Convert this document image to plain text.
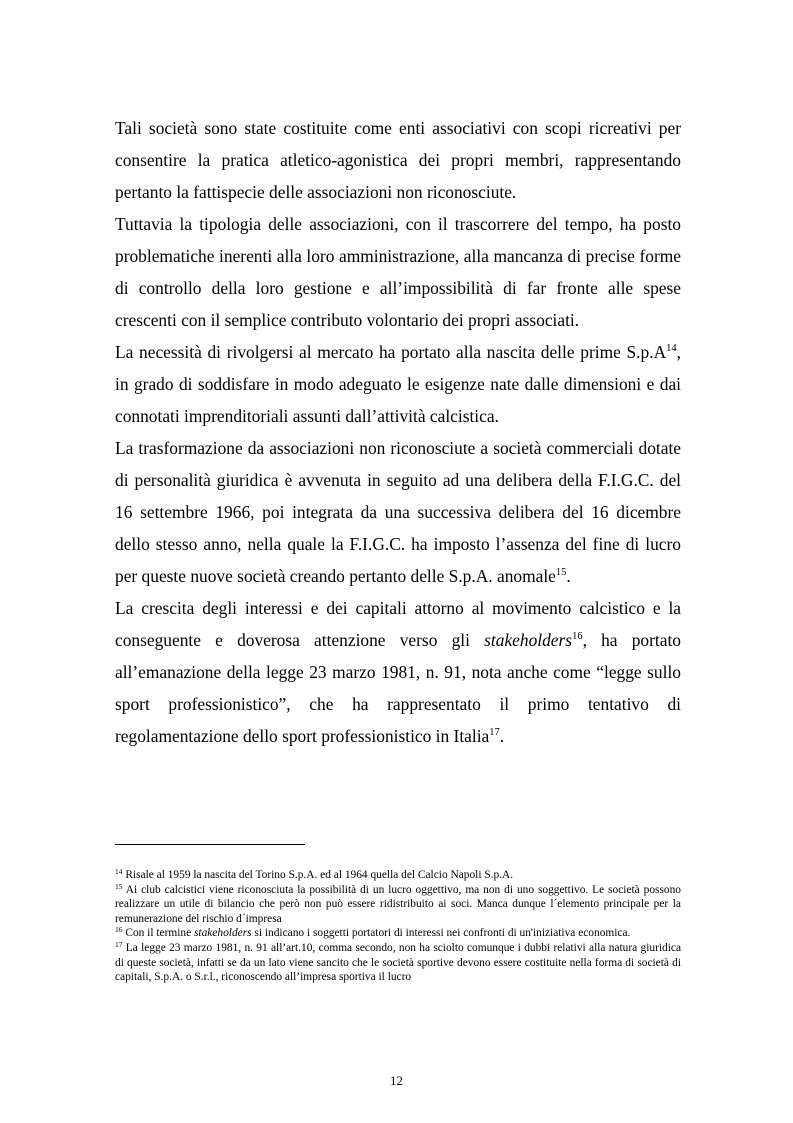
Tali società sono state costituite come enti associativi con scopi ricreativi per consentire la pratica atletico-agonistica dei propri membri, rappresentando pertanto la fattispecie delle associazioni non riconosciute.

Tuttavia la tipologia delle associazioni, con il trascorrere del tempo, ha posto problematiche inerenti alla loro amministrazione, alla mancanza di precise forme di controllo della loro gestione e all’impossibilità di far fronte alle spese crescenti con il semplice contributo volontario dei propri associati.

La necessità di rivolgersi al mercato ha portato alla nascita delle prime $S.p.A^{14}$, in grado di soddisfare in modo adeguato le esigenze nate dalle dimensioni e dai connotati imprenditoriali assunti dall’attività calcistica.

La trasformazione da associazioni non riconosciute a società commerciali dotate di personalità giuridica è avvenuta in seguito ad una delibera della F.I.G.C. del 16 settembre 1966, poi integrata da una successiva delibera del 16 dicembre dello stesso anno, nella quale la F.I.G.C. ha imposto l’assenza del fine di lucro per queste nuove società creando pertanto delle S.p.A. anomale$^{15}$.

La crescita degli interessi e dei capitali attorno al movimento calcistico e la conseguente e doverosa attenzione verso gli stakeholders$^{16}$, ha portato all’emanazione della legge 23 marzo 1981, n. 91, nota anche come “legge sullo sport professionistico”, che ha rappresentato il primo tentativo di regolamentazione dello sport professionistico in Italia$^{17}$.

$^{14}$ Risale al 1959 la nascita del Torino S.p.A. ed al 1964 quella del Calcio Napoli S.p.A.

$^{15}$ Ai club calcistici viene riconosciuta la possibilità di un lucro oggettivo, ma non di uno soggettivo. Le società possono realizzare un utile di bilancio che però non può essere ridistribuito ai soci. Manca dunque l´elemento principale per la remunerazione del rischio d´impresa

$^{16}$ Con il termine stakeholders si indicano i soggetti portatori di interessi nei confronti di un'iniziativa economica.

$^{17}$ La legge 23 marzo 1981, n. 91 all’art.10, comma secondo, non ha sciolto comunque i dubbi relativi alla natura giuridica di queste società, infatti se da un lato viene sancito che le società sportive devono essere costituite nella forma di società di capitali, S.p.A. o S.r.l., riconoscendo all’impresa sportiva il lucro

12
